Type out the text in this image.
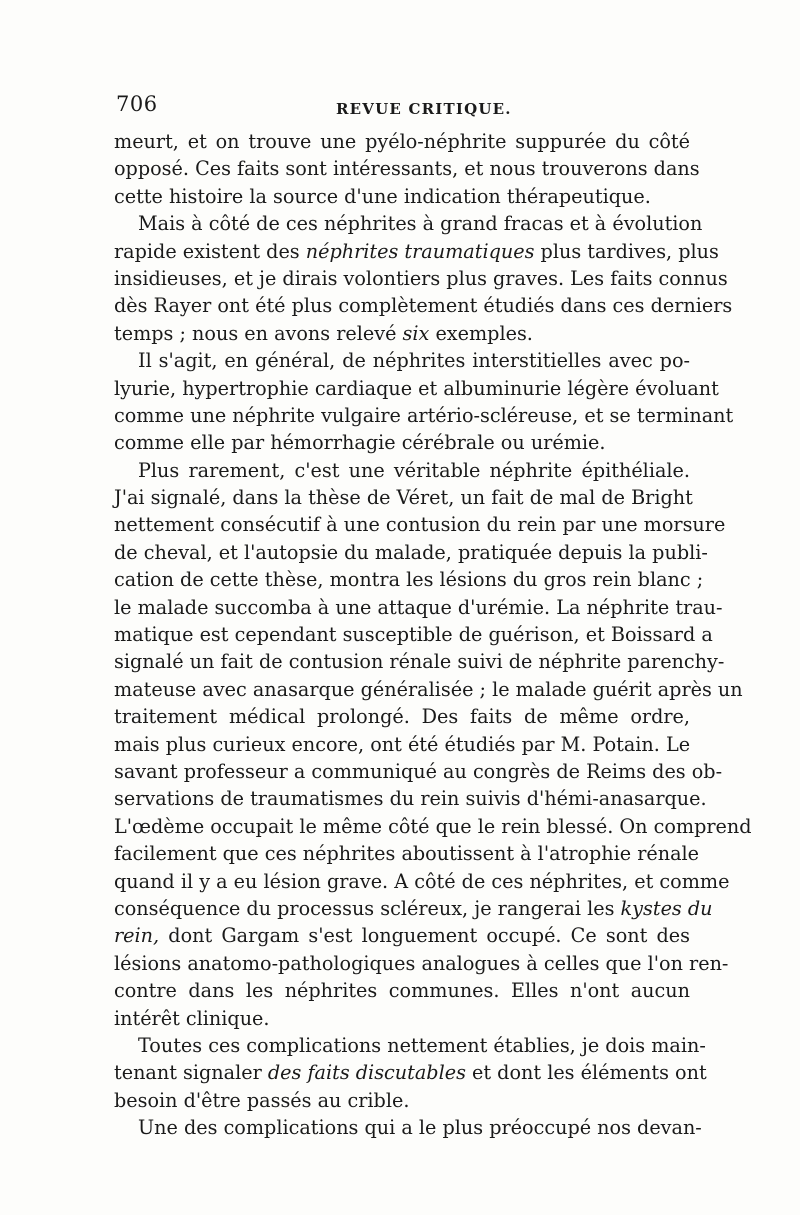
706	REVUE CRITIQUE.
meurt, et on trouve une pyélo-néphrite suppurée du côté
opposé. Ces faits sont intéressants, et nous trouverons dans
cette histoire la source d'une indication thérapeutique.
Mais à côté de ces néphrites à grand fracas et à évolution
rapide existent des néphrites traumatiques plus tardives, plus
insidieuses, et je dirais volontiers plus graves. Les faits connus
dès Rayer ont été plus complètement étudiés dans ces derniers
temps ; nous en avons relevé six exemples.
Il s'agit, en général, de néphrites interstitielles avec po-
lyurie, hypertrophie cardiaque et albuminurie légère évoluant
comme une néphrite vulgaire artério-scléreuse, et se terminant
comme elle par hémorrhagie cérébrale ou urémie.
Plus rarement, c'est une véritable néphrite épithéliale.
J'ai signalé, dans la thèse de Véret, un fait de mal de Bright
nettement consécutif à une contusion du rein par une morsure
de cheval, et l'autopsie du malade, pratiquée depuis la publi-
cation de cette thèse, montra les lésions du gros rein blanc ;
le malade succomba à une attaque d'urémie. La néphrite trau-
matique est cependant susceptible de guérison, et Boissard a
signalé un fait de contusion rénale suivi de néphrite parenchy-
mateuse avec anasarque généralisée ; le malade guérit après un
traitement médical prolongé. Des faits de même ordre,
mais plus curieux encore, ont été étudiés par M. Potain. Le
savant professeur a communiqué au congrès de Reims des ob-
servations de traumatismes du rein suivis d'hémi-anasarque.
L'œdème occupait le même côté que le rein blessé. On comprend
facilement que ces néphrites aboutissent à l'atrophie rénale
quand il y a eu lésion grave. A côté de ces néphrites, et comme
conséquence du processus scléreux, je rangerai les kystes du
rein, dont Gargam s'est longuement occupé. Ce sont des
lésions anatomo-pathologiques analogues à celles que l'on ren-
contre dans les néphrites communes. Elles n'ont aucun
intérêt clinique.
Toutes ces complications nettement établies, je dois main-
tenant signaler des faits discutables et dont les éléments ont
besoin d'être passés au crible.
Une des complications qui a le plus préoccupé nos devan-
